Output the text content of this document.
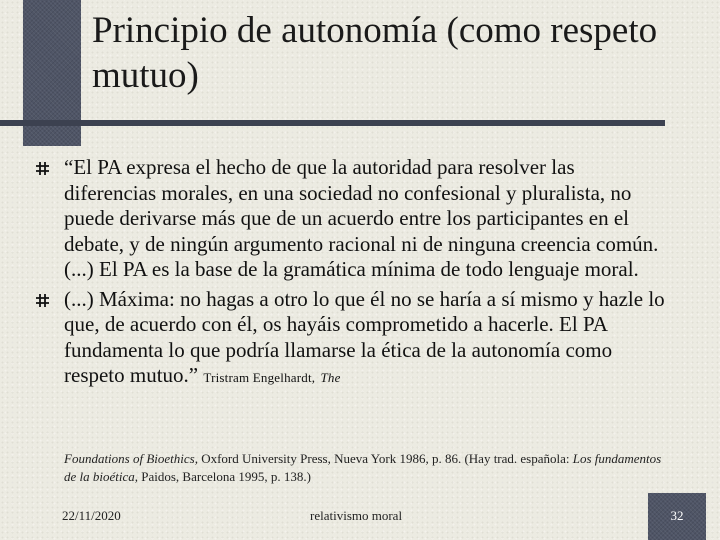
Principio de autonomía (como respeto mutuo)
“El PA expresa el hecho de que la autoridad para resolver las diferencias morales, en una sociedad no confesional y pluralista, no puede derivarse más que de un acuerdo entre los participantes en el debate, y de ningún argumento racional ni de ninguna creencia común. (...) El PA es la base de la gramática mínima de todo lenguaje moral.
(...) Máxima: no hagas a otro lo que él no se haría a sí mismo y hazle lo que, de acuerdo con él, os hayáis comprometido a hacerle. El PA fundamenta lo que podría llamarse la ética de la autonomía como respeto mutuo.” Tristram Engelhardt, The

Foundations of Bioethics, Oxford University Press, Nueva York 1986, p. 86. (Hay trad. española: Los fundamentos de la bioética, Paidos, Barcelona 1995, p. 138.)

22/11/2020	relativismo moral	32
